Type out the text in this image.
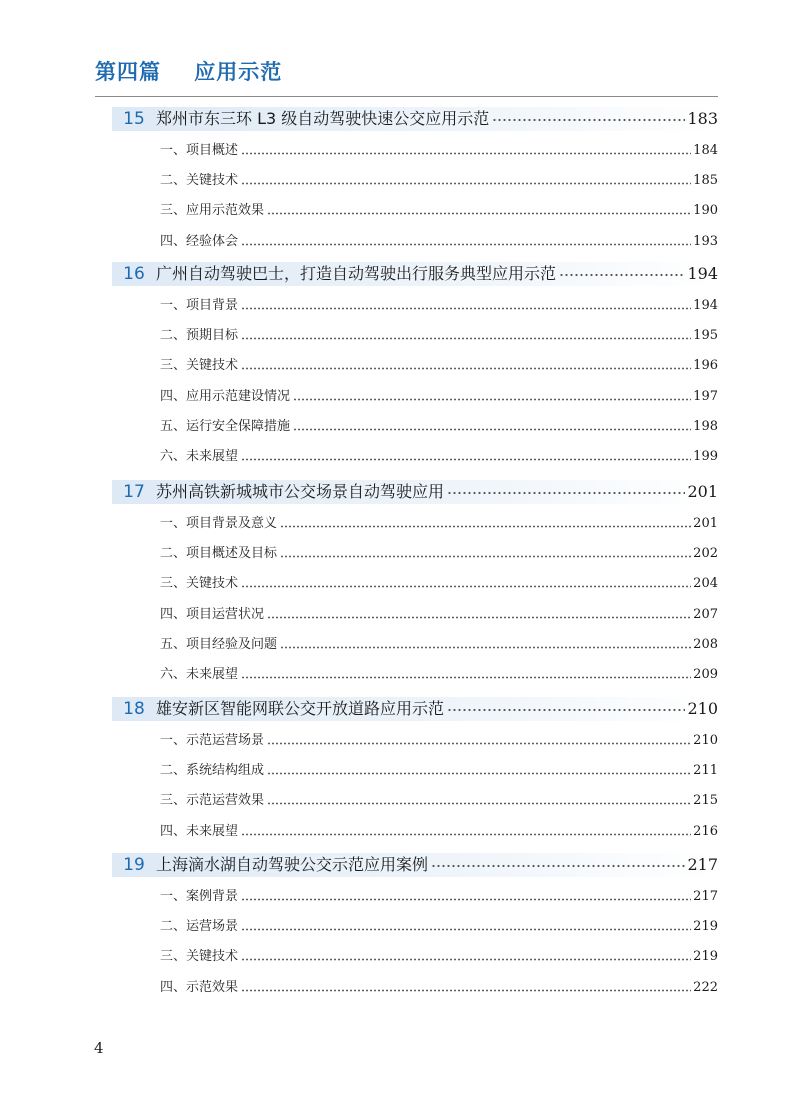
第四篇    应用示范
15 郑州市东三环 L3 级自动驾驶快速公交应用示范	183
一、项目概述	184
二、关键技术	185
三、应用示范效果	190
四、经验体会	193
16 广州自动驾驶巴士，打造自动驾驶出行服务典型应用示范	194
一、项目背景	194
二、预期目标	195
三、关键技术	196
四、应用示范建设情况	197
五、运行安全保障措施	198
六、未来展望	199
17 苏州高铁新城城市公交场景自动驾驶应用	201
一、项目背景及意义	201
二、项目概述及目标	202
三、关键技术	204
四、项目运营状况	207
五、项目经验及问题	208
六、未来展望	209
18 雄安新区智能网联公交开放道路应用示范	210
一、示范运营场景	210
二、系统结构组成	211
三、示范运营效果	215
四、未来展望	216
19 上海滴水湖自动驾驶公交示范应用案例	217
一、案例背景	217
二、运营场景	219
三、关键技术	219
四、示范效果	222
4
